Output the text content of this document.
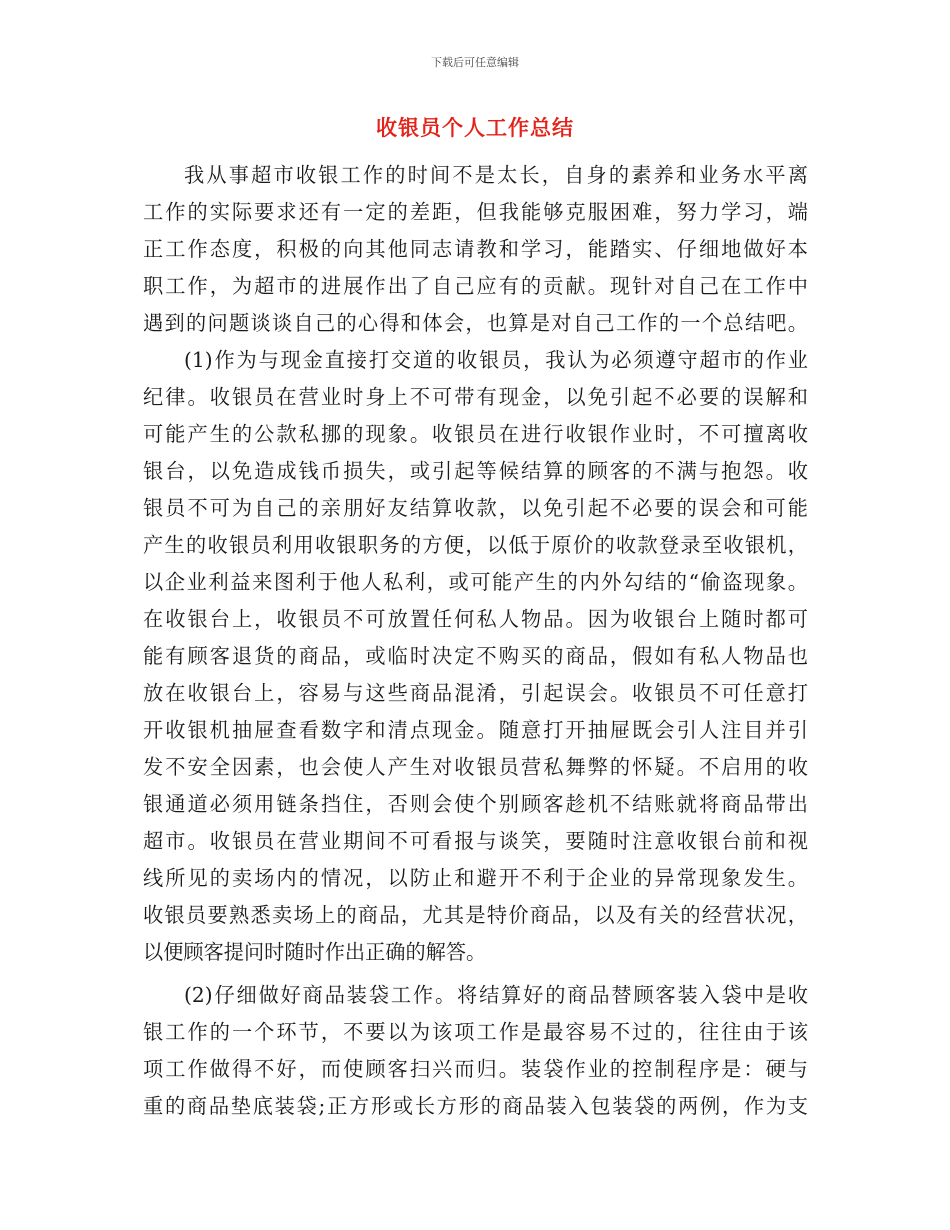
下载后可任意编辑
收银员个人工作总结
我从事超市收银工作的时间不是太长，自身的素养和业务水平离
工作的实际要求还有一定的差距，但我能够克服困难，努力学习，端
正工作态度，积极的向其他同志请教和学习，能踏实、仔细地做好本
职工作，为超市的进展作出了自己应有的贡献。现针对自己在工作中
遇到的问题谈谈自己的心得和体会，也算是对自己工作的一个总结吧。
(1)作为与现金直接打交道的收银员，我认为必须遵守超市的作业
纪律。收银员在营业时身上不可带有现金，以免引起不必要的误解和
可能产生的公款私挪的现象。收银员在进行收银作业时，不可擅离收
银台，以免造成钱币损失，或引起等候结算的顾客的不满与抱怨。收
银员不可为自己的亲朋好友结算收款，以免引起不必要的误会和可能
产生的收银员利用收银职务的方便，以低于原价的收款登录至收银机，
以企业利益来图利于他人私利，或可能产生的内外勾结的“偷盗现象。
在收银台上，收银员不可放置任何私人物品。因为收银台上随时都可
能有顾客退货的商品，或临时决定不购买的商品，假如有私人物品也
放在收银台上，容易与这些商品混淆，引起误会。收银员不可任意打
开收银机抽屉查看数字和清点现金。随意打开抽屉既会引人注目并引
发不安全因素，也会使人产生对收银员营私舞弊的怀疑。不启用的收
银通道必须用链条挡住，否则会使个别顾客趁机不结账就将商品带出
超市。收银员在营业期间不可看报与谈笑，要随时注意收银台前和视
线所见的卖场内的情况，以防止和避开不利于企业的异常现象发生。
收银员要熟悉卖场上的商品，尤其是特价商品，以及有关的经营状况，
以便顾客提问时随时作出正确的解答。
(2)仔细做好商品装袋工作。将结算好的商品替顾客装入袋中是收
银工作的一个环节，不要以为该项工作是最容易不过的，往往由于该
项工作做得不好，而使顾客扫兴而归。装袋作业的控制程序是：硬与
重的商品垫底装袋;正方形或长方形的商品装入包装袋的两例，作为支
